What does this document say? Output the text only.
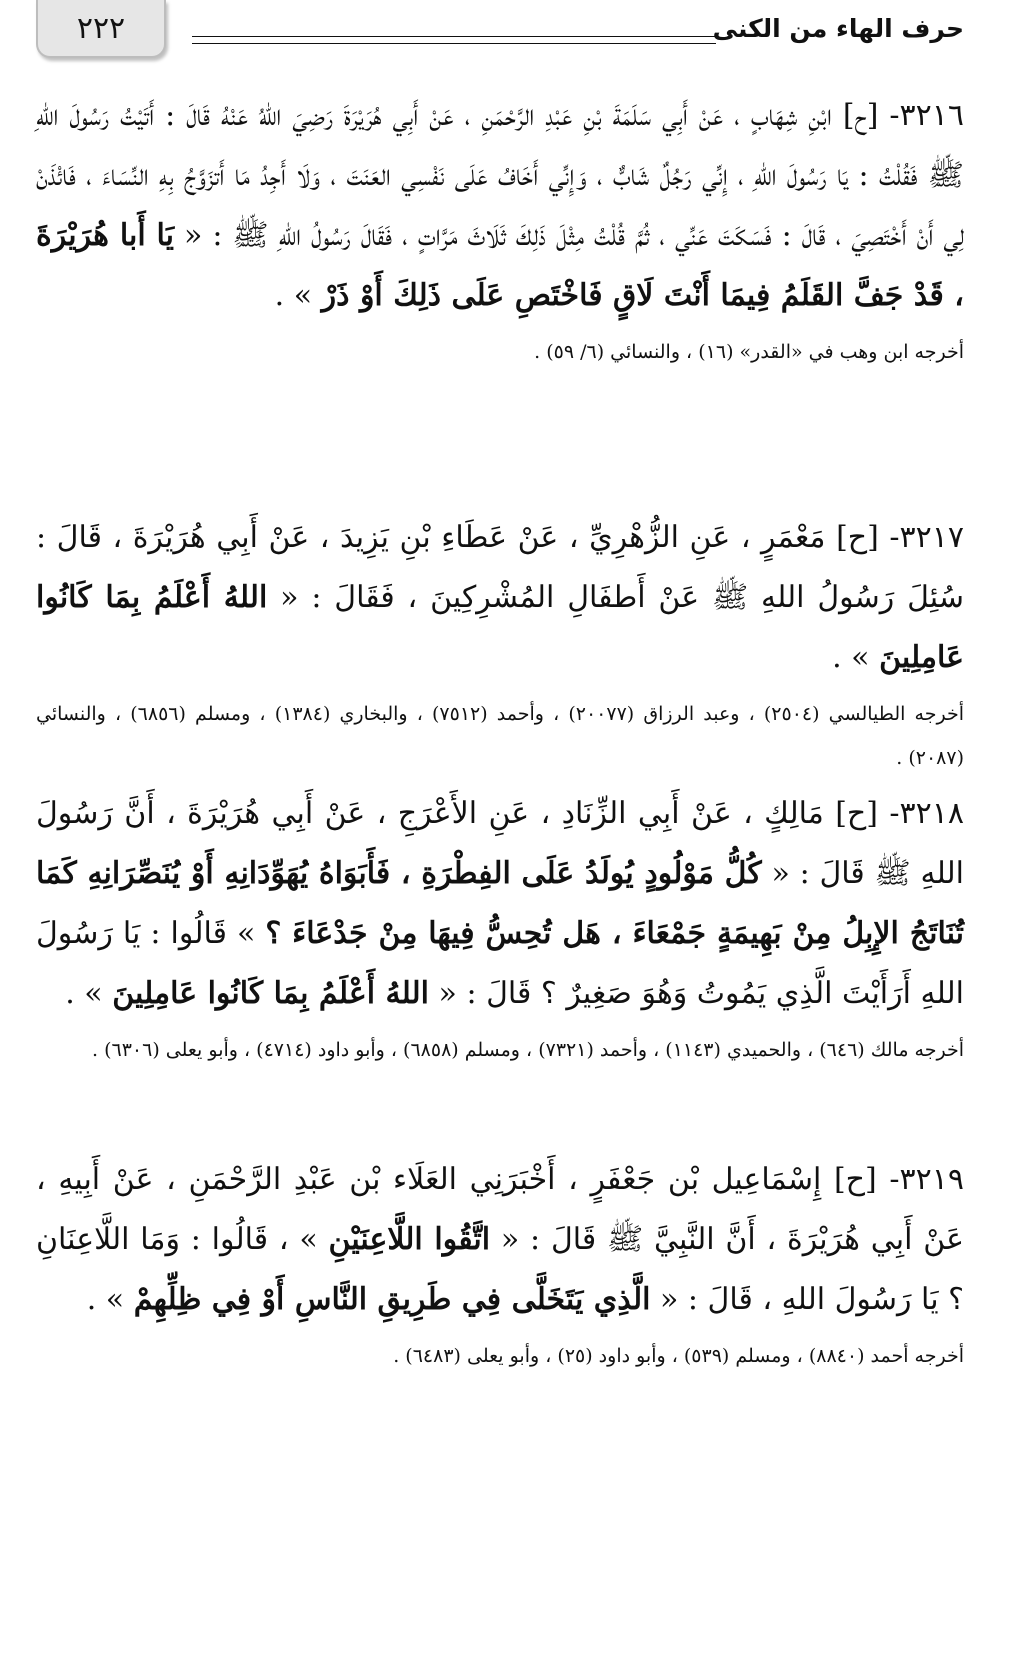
٢٢٢	حرف الهاء من الكنى

٣٢١٦- [ح] ابْنِ شِهَابٍ ، عَنْ أَبِي سَلَمَةَ بْنِ عَبْدِ الرَّحْمَنِ ، عَنْ أَبِي هُرَيْرَةَ رَضِيَ اللهُ عَنْهُ قَالَ : أَتَيْتُ رَسُولَ اللهِ ﷺ فَقُلْتُ : يَا رَسُولَ اللهِ ، إِنِّي رَجُلٌ شَابٌّ ، وَإِنِّي أَخَافُ عَلَى نَفْسِي العَنَتَ ، وَلَا أَجِدُ مَا أَتزَوَّجُ بِهِ النِّسَاءَ ، فَائْذَنْ لِي أَنْ أَخْتَصِيَ ، قَالَ : فَسَكَتَ عَنِّي ، ثُمَّ قُلْتُ مِثْلَ ذَلِكَ ثَلَاثَ مَرَّاتٍ ، فَقَالَ رَسُولُ اللهِ ﷺ : « يَا أَبا هُرَيْرَةَ ، قَدْ جَفَّ القَلَمُ فِيمَا أَنْتَ لَاقٍ فَاخْتَصِ عَلَى ذَلِكَ أَوْ ذَرْ » .

أخرجه ابن وهب في «القدر» (١٦) ، والنسائي (٦/ ٥٩) .

٣٢١٧- [ح] مَعْمَرٍ ، عَنِ الزُّهْرِيِّ ، عَنْ عَطَاءِ بْنِ يَزِيدَ ، عَنْ أَبِي هُرَيْرَةَ ، قَالَ : سُئِلَ رَسُولُ اللهِ ﷺ عَنْ أَطفَالِ المُشْرِكِينَ ، فَقَالَ : « اللهُ أَعْلَمُ بِمَا كَانُوا عَامِلِينَ » .

أخرجه الطيالسي (٢٥٠٤) ، وعبد الرزاق (٢٠٠٧٧) ، وأحمد (٧٥١٢) ، والبخاري (١٣٨٤) ، ومسلم (٦٨٥٦) ، والنسائي (٢٠٨٧) .

٣٢١٨- [ح] مَالِكٍ ، عَنْ أَبِي الزِّنَادِ ، عَنِ الأَعْرَجِ ، عَنْ أَبِي هُرَيْرَةَ ، أَنَّ رَسُولَ اللهِ ﷺ قَالَ : « كُلُّ مَوْلُودٍ يُولَدُ عَلَى الفِطْرَةِ ، فَأَبَوَاهُ يُهَوِّدَانِهِ أَوْ يُنَصِّرَانِهِ كَمَا تُنَاتَجُ الإِبِلُ مِنْ بَهِيمَةٍ جَمْعَاءَ ، هَل تُحِسُّ فِيهَا مِنْ جَدْعَاءَ ؟ » قَالُوا : يَا رَسُولَ اللهِ أَرَأَيْتَ الَّذِي يَمُوتُ وَهُوَ صَغِيرٌ ؟ قَالَ : « اللهُ أَعْلَمُ بِمَا كَانُوا عَامِلِينَ » .

أخرجه مالك (٦٤٦) ، والحميدي (١١٤٣) ، وأحمد (٧٣٢١) ، ومسلم (٦٨٥٨) ، وأبو داود (٤٧١٤) ، وأبو يعلى (٦٣٠٦) .

٣٢١٩- [ح] إِسْمَاعِيل بْن جَعْفَرٍ ، أَخْبَرَنِي العَلَاء بْن عَبْدِ الرَّحْمَنِ ، عَنْ أَبِيهِ ، عَنْ أَبِي هُرَيْرَةَ ، أَنَّ النَّبِيَّ ﷺ قَالَ : « اتَّقُوا اللَّاعِنَيْنِ » ، قَالُوا : وَمَا اللَّاعِنَانِ ؟ يَا رَسُولَ اللهِ ، قَالَ : « الَّذِي يَتَخَلَّى فِي طَرِيقِ النَّاسِ أَوْ فِي ظِلِّهِمْ » .

أخرجه أحمد (٨٨٤٠) ، ومسلم (٥٣٩) ، وأبو داود (٢٥) ، وأبو يعلى (٦٤٨٣) .
